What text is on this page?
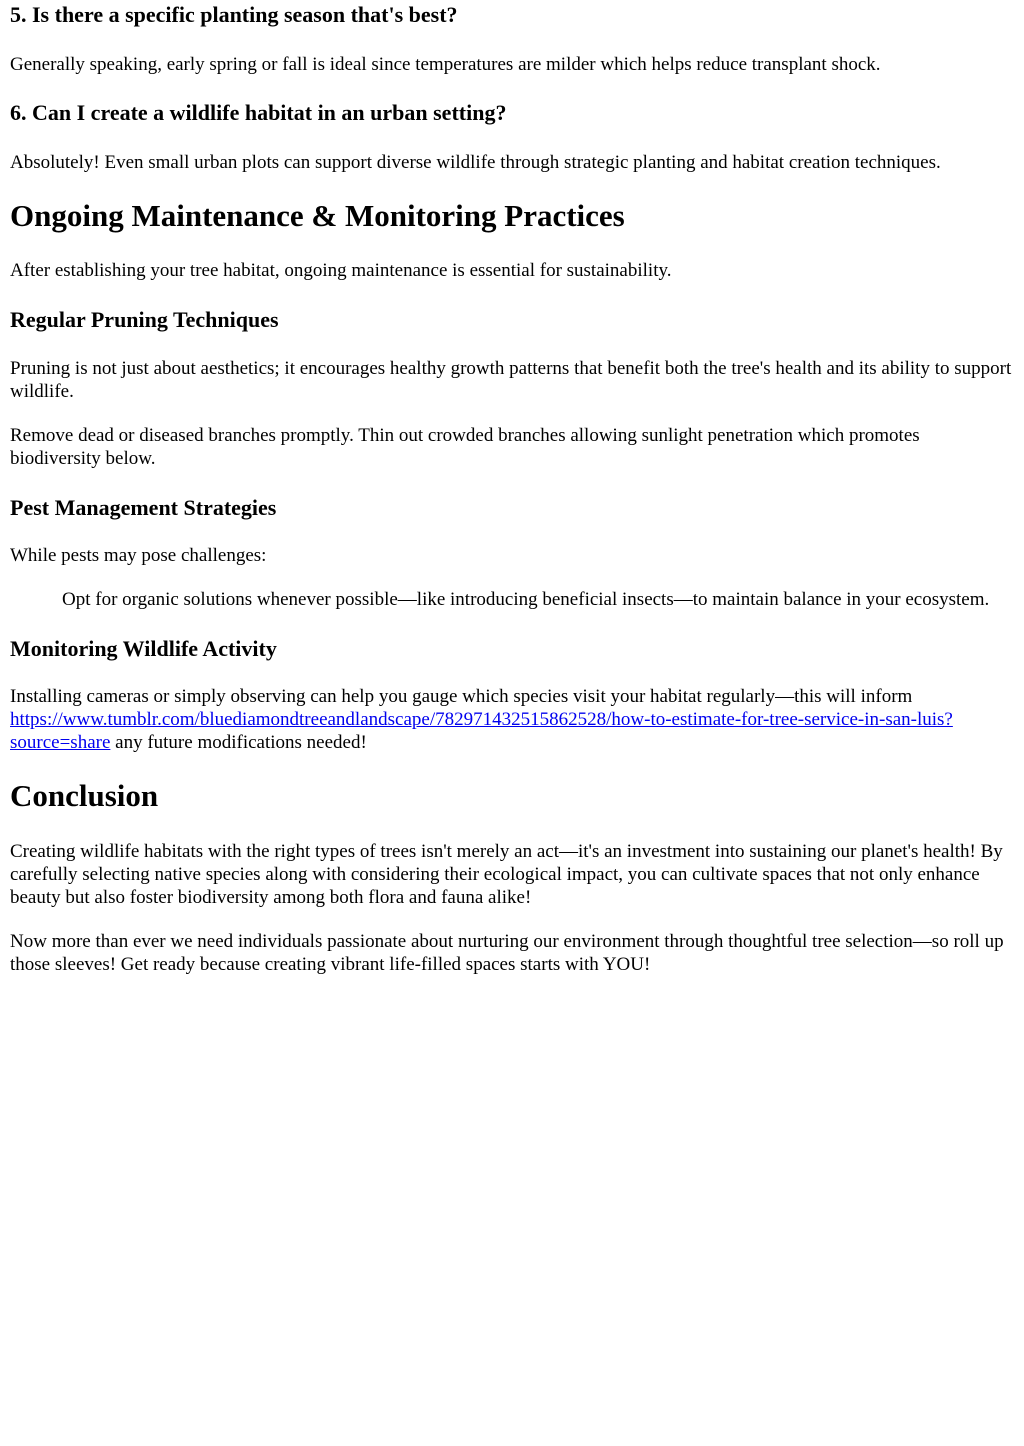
5. Is there a specific planting season that's best?

Generally speaking, early spring or fall is ideal since temperatures are milder which helps reduce transplant shock.

6. Can I create a wildlife habitat in an urban setting?

Absolutely! Even small urban plots can support diverse wildlife through strategic planting and habitat creation techniques.

Ongoing Maintenance & Monitoring Practices

After establishing your tree habitat, ongoing maintenance is essential for sustainability.

Regular Pruning Techniques

Pruning is not just about aesthetics; it encourages healthy growth patterns that benefit both the tree's health and its ability to support wildlife.

Remove dead or diseased branches promptly. Thin out crowded branches allowing sunlight penetration which promotes biodiversity below.

Pest Management Strategies

While pests may pose challenges:

Opt for organic solutions whenever possible—like introducing beneficial insects—to maintain balance in your ecosystem.
Monitoring Wildlife Activity

Installing cameras or simply observing can help you gauge which species visit your habitat regularly—this will inform https://www.tumblr.com/bluediamondtreeandlandscape/782971432515862528/how-to-estimate-for-tree-service-in-san-luis?source=share any future modifications needed!

Conclusion

Creating wildlife habitats with the right types of trees isn't merely an act—it's an investment into sustaining our planet's health! By carefully selecting native species along with considering their ecological impact, you can cultivate spaces that not only enhance beauty but also foster biodiversity among both flora and fauna alike!

Now more than ever we need individuals passionate about nurturing our environment through thoughtful tree selection—so roll up those sleeves! Get ready because creating vibrant life-filled spaces starts with YOU!
